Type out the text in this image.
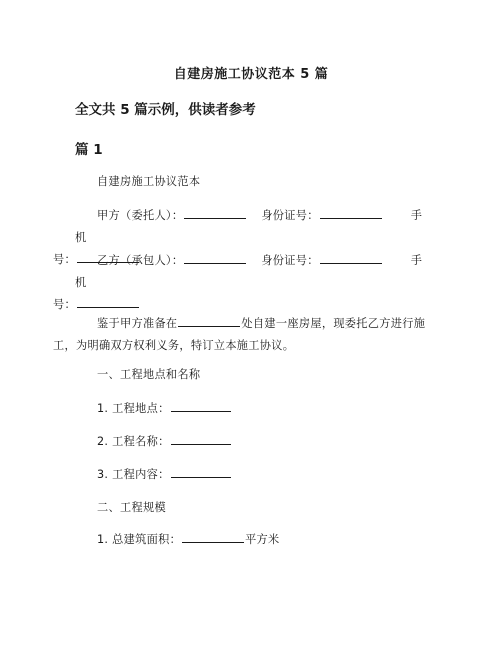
自建房施工协议范本 5 篇
全文共 5 篇示例，供读者参考
篇 1
自建房施工协议范本
甲方（委托人）：	身份证号：	手机
号：	乙方（承包人）：	身份证号：	手机
号：
鉴于甲方准备在	处自建一座房屋，现委托乙方进行施
工，为明确双方权利义务，特订立本施工协议。
一、工程地点和名称
1. 工程地点：
2. 工程名称：
3. 工程内容：
二、工程规模
1. 总建筑面积：	平方米
